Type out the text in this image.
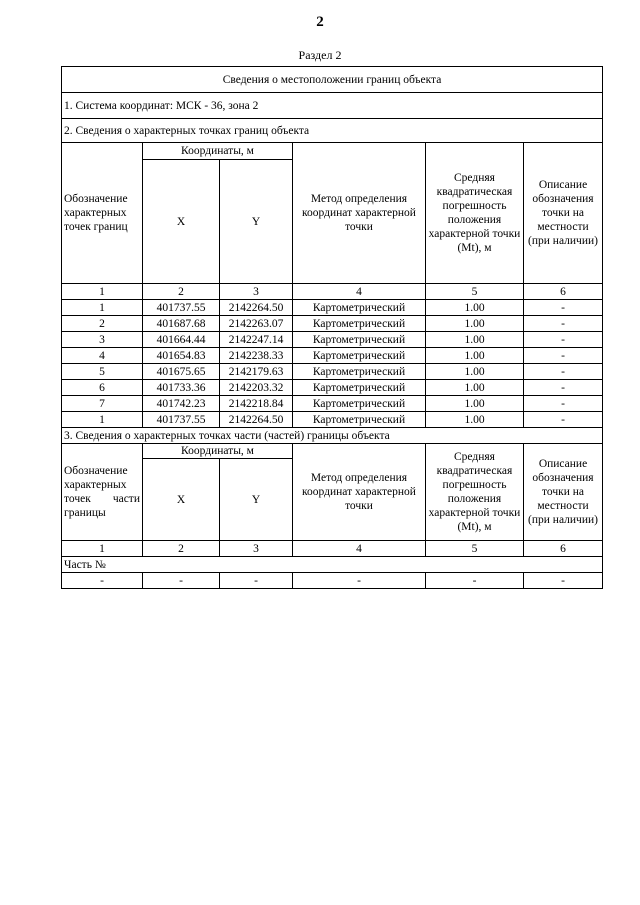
2
Раздел 2
Сведения о местоположении границ объекта					
1. Система координат: МСК - 36, зона 2					
2. Сведения о характерных точках границ объекта					
Обозначение характерных точек границ	Координаты, м		Метод определения координат характерной точки	Средняя квадратическая погрешность положения характерной точки (Mt), м	Описание обозначения точки на местности (при наличии)
	X	Y			
1	2	3	4	5	6
1	401737.55	2142264.50	Картометрический	1.00	-
2	401687.68	2142263.07	Картометрический	1.00	-
3	401664.44	2142247.14	Картометрический	1.00	-
4	401654.83	2142238.33	Картометрический	1.00	-
5	401675.65	2142179.63	Картометрический	1.00	-
6	401733.36	2142203.32	Картометрический	1.00	-
7	401742.23	2142218.84	Картометрический	1.00	-
1	401737.55	2142264.50	Картометрический	1.00	-
3. Сведения о характерных точках части (частей) границы объекта					
Обозначение характерных точек части границы	Координаты, м		Метод определения координат характерной точки	Средняя квадратическая погрешность положения характерной точки (Mt), м	Описание обозначения точки на местности (при наличии)
	X	Y			
1	2	3	4	5	6
Часть №					
-	-	-	-	-	-
